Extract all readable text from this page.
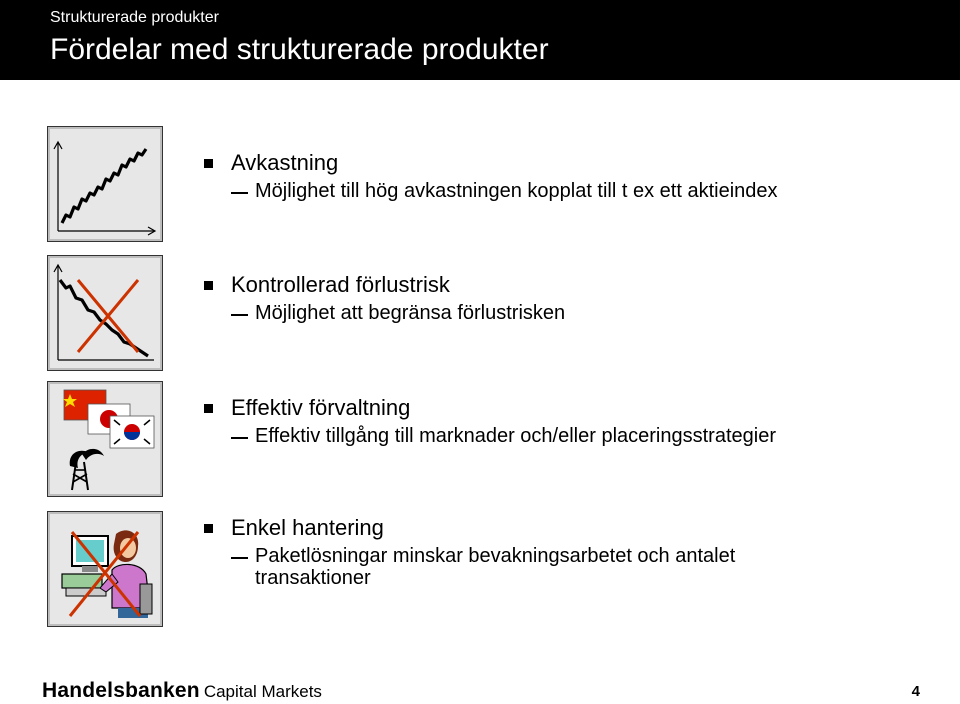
Strukturerade produkter
Fördelar med strukturerade produkter
Avkastning
Möjlighet till hög avkastningen kopplat till t ex ett aktieindex
Kontrollerad förlustrisk
Möjlighet att begränsa förlustrisken
Effektiv förvaltning
Effektiv tillgång till marknader och/eller placeringsstrategier
Enkel hantering
Paketlösningar minskar bevakningsarbetet och antalet transaktioner
Handelsbanken Capital Markets	4
